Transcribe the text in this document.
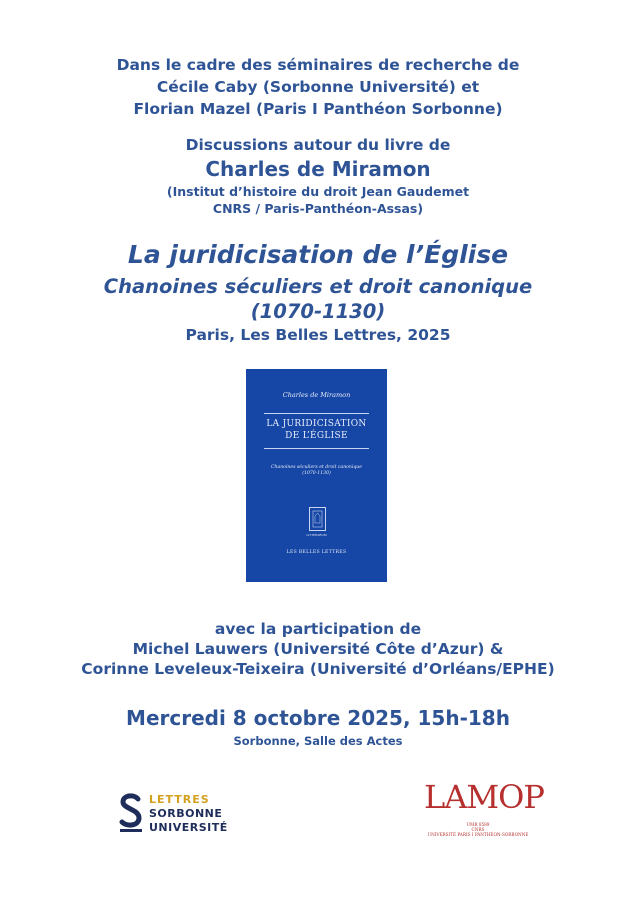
Dans le cadre des séminaires de recherche de
Cécile Caby (Sorbonne Université) et
Florian Mazel (Paris I Panthéon Sorbonne)
Discussions autour du livre de
Charles de Miramon
(Institut d’histoire du droit Jean Gaudemet
CNRS / Paris-Panthéon-Assas)
La juridicisation de l’Église
Chanoines séculiers et droit canonique
(1070-1130)
Paris, Les Belles Lettres, 2025
Charles de Miramon
LA JURIDICISATION
DE L’ÉGLISE
Chanoines séculiers et droit canonique
(1070-1130)
LITTERARUM
LES BELLES LETTRES
avec la participation de
Michel Lauwers (Université Côte d’Azur) &
Corinne Leveleux-Teixeira (Université d’Orléans/EPHE)
Mercredi 8 octobre 2025, 15h-18h
Sorbonne, Salle des Actes
LETTRES
SORBONNE
UNIVERSITÉ
LAMOP
UMR 8589
CNRS
UNIVERSITÉ PARIS I PANTHÉON-SORBONNE
